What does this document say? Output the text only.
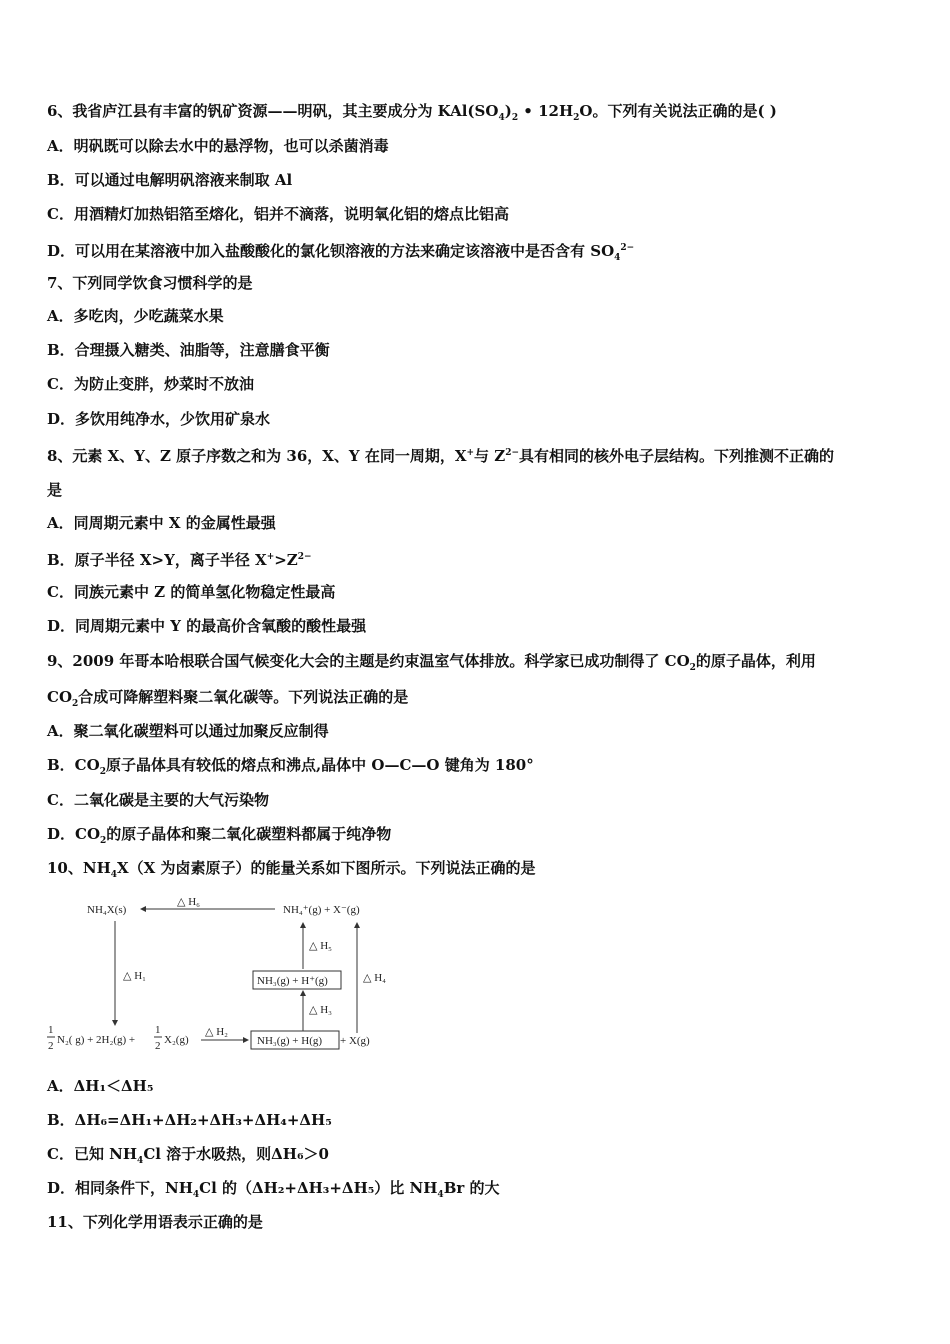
6、我省庐江县有丰富的钒矿资源——明矾，其主要成分为 $KAl(SO_4)_2$ • $12H_2O$。下列有关说法正确的是( )
A．明矾既可以除去水中的悬浮物，也可以杀菌消毒
B．可以通过电解明矾溶液来制取 Al
C．用酒精灯加热铝箔至熔化，铝并不滴落，说明氧化铝的熔点比铝高
D．可以用在某溶液中加入盐酸酸化的氯化钡溶液的方法来确定该溶液中是否含有 $SO_4^{2-}$
7、下列同学饮食习惯科学的是
A．多吃肉，少吃蔬菜水果
B．合理摄入糖类、油脂等，注意膳食平衡
C．为防止变胖，炒菜时不放油
D．多饮用纯净水，少饮用矿泉水
8、元素 X、Y、Z 原子序数之和为 36，X、Y 在同一周期，X+与 $Z^{2-}$具有相同的核外电子层结构。下列推测不正确的
是
A．同周期元素中 X 的金属性最强
B．原子半径 X>Y，离子半径 $X^+>Z^{2-}$
C．同族元素中 Z 的简单氢化物稳定性最高
D．同周期元素中 Y 的最高价含氧酸的酸性最强
9、2009 年哥本哈根联合国气候变化大会的主题是约束温室气体排放。科学家已成功制得了 $CO_2$的原子晶体，利用
$CO_2$合成可降解塑料聚二氧化碳等。下列说法正确的是
A．聚二氧化碳塑料可以通过加聚反应制得
B．$CO_2$原子晶体具有较低的熔点和沸点,晶体中 O—C—O 键角为 180°
C．二氧化碳是主要的大气污染物
D．$CO_2$的原子晶体和聚二氧化碳塑料都属于纯净物
10、$NH_4X(X$ 为卤素原子）的能量关系如下图所示。下列说法正确的是
NH₄X(s)
△ H₆
NH₄⁺(g) + X⁻(g)
△ H₁
△ H₅
NH₃(g) + H⁺(g)
△ H₃
△ H₄
1
2 N₂( g) + 2H₂(g) +
1
2 X₂(g)
△ H₂
NH₃(g) + H(g) + X(g)
A．ΔH₁＜ΔH₅
B．ΔH₆=ΔH₁+ΔH₂+ΔH₃+ΔH₄+ΔH₅
C．已知 $NH_4Cl$ 溶于水吸热，则ΔH₆＞0
D．相同条件下，$NH_4Cl$ 的（ΔH₂+ΔH₃+ΔH₅）比 $NH_4Br$ 的大
11、下列化学用语表示正确的是
